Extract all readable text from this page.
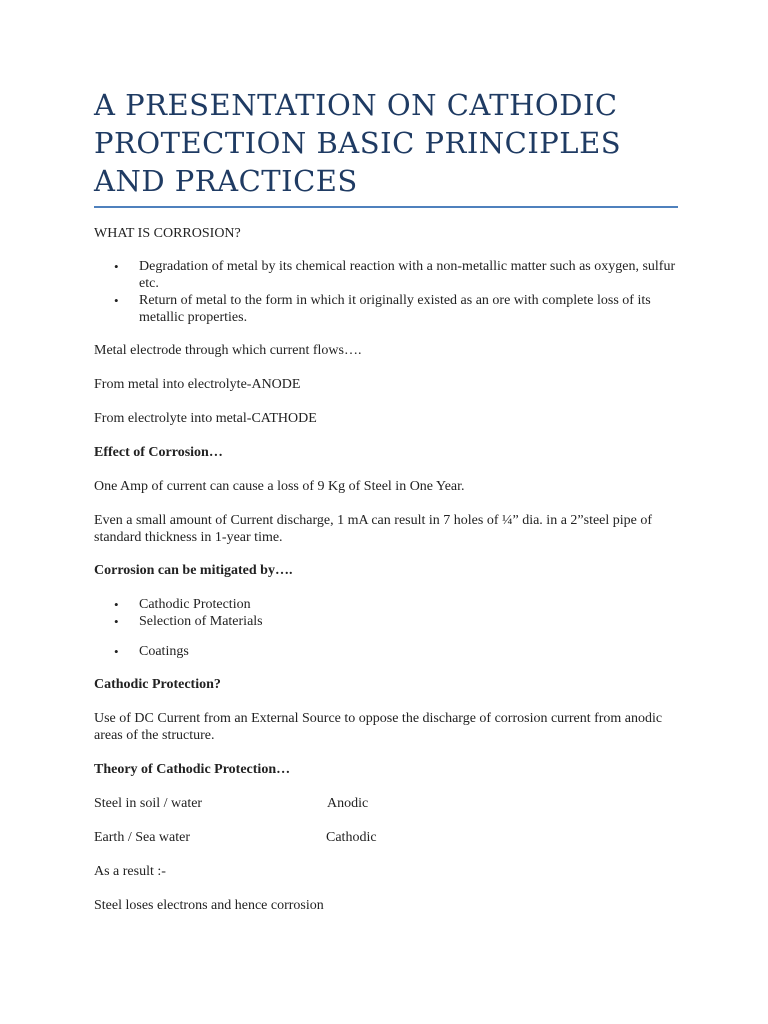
A PRESENTATION ON CATHODIC PROTECTION BASIC PRINCIPLES AND PRACTICES

WHAT IS CORROSION?

• Degradation of metal by its chemical reaction with a non-metallic matter such as oxygen, sulfur etc.
• Return of metal to the form in which it originally existed as an ore with complete loss of its metallic properties.

Metal electrode through which current flows….

From metal into electrolyte-ANODE

From electrolyte into metal-CATHODE

Effect of Corrosion…

One Amp of current can cause a loss of 9 Kg of Steel in One Year.

Even a small amount of Current discharge, 1 mA can result in 7 holes of ¼” dia. in a 2”steel pipe of standard thickness in 1-year time.

Corrosion can be mitigated by….

• Cathodic Protection
• Selection of Materials
• Coatings

Cathodic Protection?

Use of DC Current from an External Source to oppose the discharge of corrosion current from anodic areas of the structure.

Theory of Cathodic Protection…

Steel in soil / water	Anodic
Earth / Sea water	Cathodic

As a result :-

Steel loses electrons and hence corrosion
